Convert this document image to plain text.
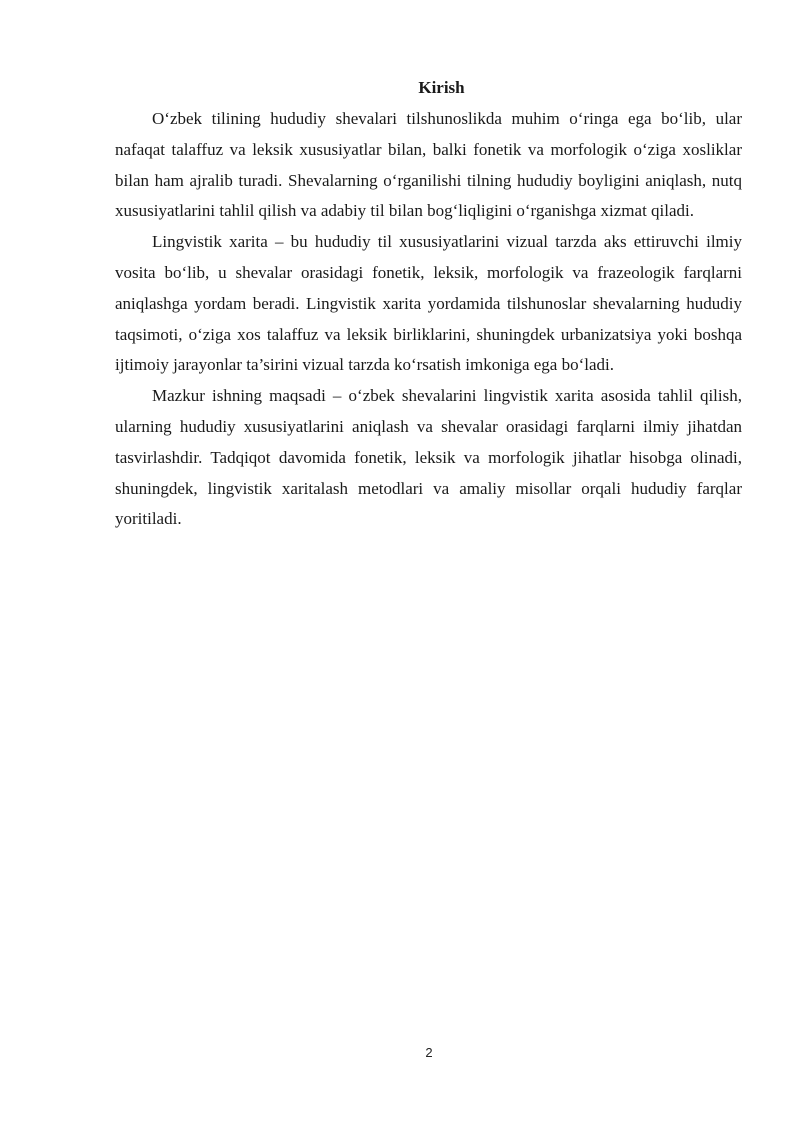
Kirish

O‘zbek tilining hududiy shevalari tilshunoslikda muhim o‘ringa ega bo‘lib, ular nafaqat talaffuz va leksik xususiyatlar bilan, balki fonetik va morfologik o‘ziga xosliklar bilan ham ajralib turadi. Shevalarning o‘rganilishi tilning hududiy boyligini aniqlash, nutq xususiyatlarini tahlil qilish va adabiy til bilan bog‘liqligini o‘rganishga xizmat qiladi.

Lingvistik xarita – bu hududiy til xususiyatlarini vizual tarzda aks ettiruvchi ilmiy vosita bo‘lib, u shevalar orasidagi fonetik, leksik, morfologik va frazeologik farqlarni aniqlashga yordam beradi. Lingvistik xarita yordamida tilshunoslar shevalarning hududiy taqsimoti, o‘ziga xos talaffuz va leksik birliklarini, shuningdek urbanizatsiya yoki boshqa ijtimoiy jarayonlar ta’sirini vizual tarzda ko‘rsatish imkoniga ega bo‘ladi.

Mazkur ishning maqsadi – o‘zbek shevalarini lingvistik xarita asosida tahlil qilish, ularning hududiy xususiyatlarini aniqlash va shevalar orasidagi farqlarni ilmiy jihatdan tasvirlashdir. Tadqiqot davomida fonetik, leksik va morfologik jihatlar hisobga olinadi, shuningdek, lingvistik xaritalash metodlari va amaliy misollar orqali hududiy farqlar yoritiladi.

2
